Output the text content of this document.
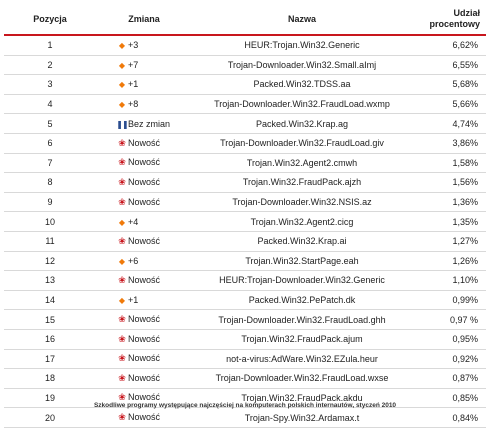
Pozycja	Zmiana	Nazwa	Udział
procentowy
1	◆ +3	HEUR:Trojan.Win32.Generic	6,62%
2	◆ +7	Trojan-Downloader.Win32.Small.aImj	6,55%
3	◆ +1	Packed.Win32.TDSS.aa	5,68%
4	◆ +8	Trojan-Downloader.Win32.FraudLoad.wxmp	5,66%
5	❚❚Bez zmian	Packed.Win32.Krap.ag	4,74%
6	❀ Nowość	Trojan-Downloader.Win32.FraudLoad.giv	3,86%
7	❀ Nowość	Trojan.Win32.Agent2.cmwh	1,58%
8	❀ Nowość	Trojan.Win32.FraudPack.ajzh	1,56%
9	❀ Nowość	Trojan-Downloader.Win32.NSIS.az	1,36%
10	◆ +4	Trojan.Win32.Agent2.cicg	1,35%
11	❀ Nowość	Packed.Win32.Krap.ai	1,27%
12	◆ +6	Trojan.Win32.StartPage.eah	1,26%
13	❀ Nowość	HEUR:Trojan-Downloader.Win32.Generic	1,10%
14	◆ +1	Packed.Win32.PePatch.dk	0,99%
15	❀ Nowość	Trojan-Downloader.Win32.FraudLoad.ghh	0,97 %
16	❀ Nowość	Trojan.Win32.FraudPack.ajum	0,95%
17	❀ Nowość	not-a-virus:AdWare.Win32.EZula.heur	0,92%
18	❀ Nowość	Trojan-Downloader.Win32.FraudLoad.wxse	0,87%
19	❀ Nowość	Trojan.Win32.FraudPack.akdu	0,85%
20	❀ Nowość	Trojan-Spy.Win32.Ardamax.t	0,84%
Szkodliwe programy występujące najczęściej na komputerach polskich internautów, styczeń 2010
